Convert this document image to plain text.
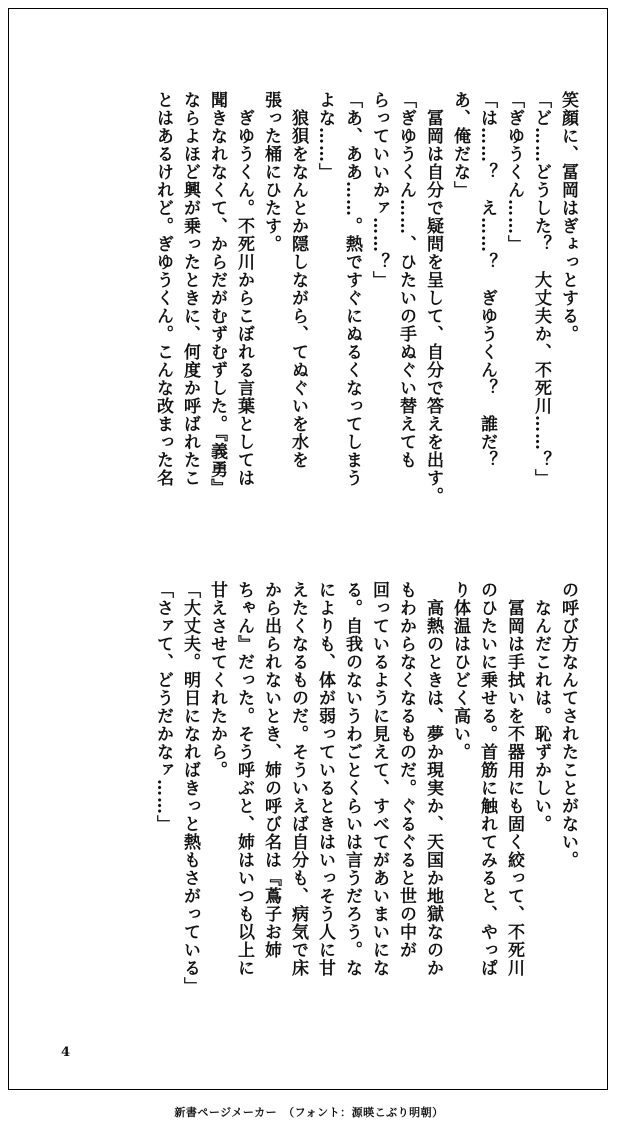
笑顔に、冨岡はぎょっとする。

「ど……どうした？　大丈夫か、不死川……？」

「ぎゆうくん……」

「は……？　え……？　ぎゆうくん？　誰だ？

あ、俺だな」

　冨岡は自分で疑問を呈して、自分で答えを出す。

「ぎゆうくん……、ひたいの手ぬぐい替えても

らっていいかァ……？」

「あ、ああ……。熱ですぐにぬるくなってしまう

よな……」

　狼狽をなんとか隠しながら、てぬぐいを水を

張った桶にひたす。

　ぎゆうくん。不死川からこぼれる言葉としては

聞きなれなくて、からだがむずむずした。『義勇』

ならよほど興が乗ったときに、何度か呼ばれたこ

とはあるけれど。ぎゆうくん。こんな改まった名

の呼び方なんてされたことがない。

　なんだこれは。恥ずかしい。

　冨岡は手拭いを不器用にも固く絞って、不死川

のひたいに乗せる。首筋に触れてみると、やっぱ

り体温はひどく高い。

　高熱のときは、夢か現実か、天国か地獄なのか

もわからなくなるものだ。ぐるぐると世の中が

回っているように見えて、すべてがあいまいにな

る。自我のないうわごとくらいは言うだろう。な

によりも、体が弱っているときはいっそう人に甘

えたくなるものだ。そういえば自分も、病気で床

から出られないとき、姉の呼び名は『蔦子お姉

ちゃん』だった。そう呼ぶと、姉はいつも以上に

甘えさせてくれたから。

「大丈夫。明日になればきっと熱もさがっている」

「さァて、どうだかなァ……」

4
新書ページメーカー　（フォント：源暎こぶり明朝）
